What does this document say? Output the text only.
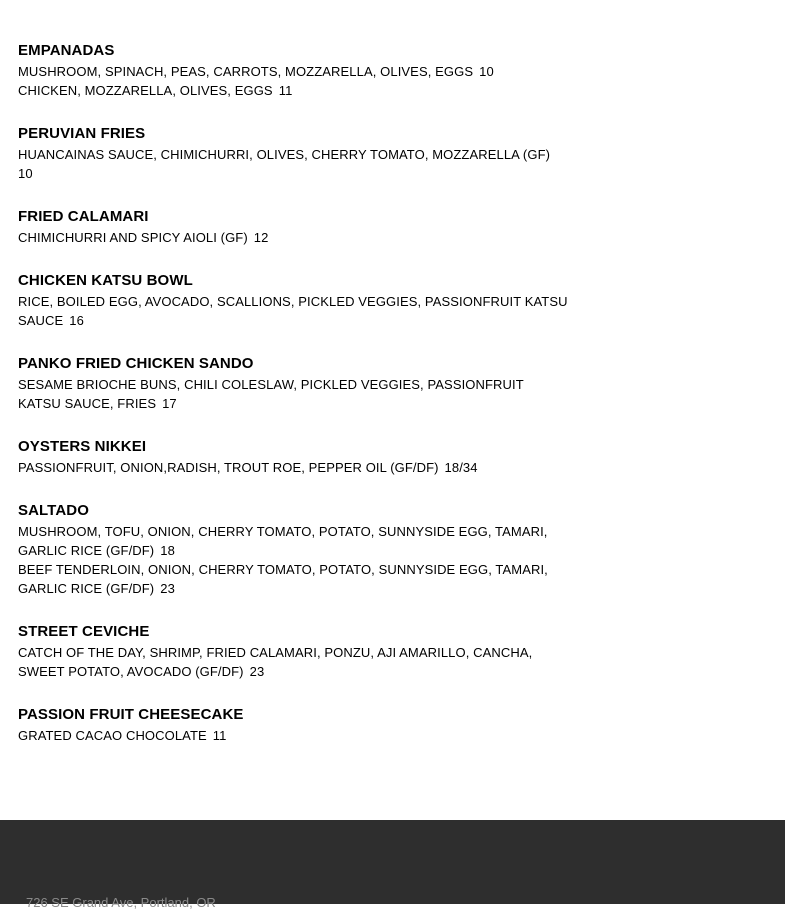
EMPANADAS
MUSHROOM, SPINACH, PEAS, CARROTS, MOZZARELLA, OLIVES, EGGS 10
CHICKEN, MOZZARELLA, OLIVES, EGGS 11
PERUVIAN FRIES
HUANCAINAS SAUCE, CHIMICHURRI, OLIVES, CHERRY TOMATO, MOZZARELLA (GF)
10
FRIED CALAMARI
CHIMICHURRI AND SPICY AIOLI (GF) 12
CHICKEN KATSU BOWL
RICE, BOILED EGG, AVOCADO, SCALLIONS, PICKLED VEGGIES, PASSIONFRUIT KATSU SAUCE 16
PANKO FRIED CHICKEN SANDO
SESAME BRIOCHE BUNS, CHILI COLESLAW, PICKLED VEGGIES, PASSIONFRUIT KATSU SAUCE, FRIES 17
OYSTERS NIKKEI
PASSIONFRUIT, ONION,RADISH, TROUT ROE, PEPPER OIL (GF/DF) 18/34
SALTADO
MUSHROOM, TOFU, ONION, CHERRY TOMATO, POTATO, SUNNYSIDE EGG, TAMARI, GARLIC RICE (GF/DF) 18
BEEF TENDERLOIN, ONION, CHERRY TOMATO, POTATO, SUNNYSIDE EGG, TAMARI, GARLIC RICE (GF/DF) 23
STREET CEVICHE
CATCH OF THE DAY, SHRIMP, FRIED CALAMARI, PONZU, AJI AMARILLO, CANCHA, SWEET POTATO, AVOCADO (GF/DF) 23
PASSION FRUIT CHEESECAKE
GRATED CACAO CHOCOLATE 11
726 SE Grand Ave, Portland, OR
